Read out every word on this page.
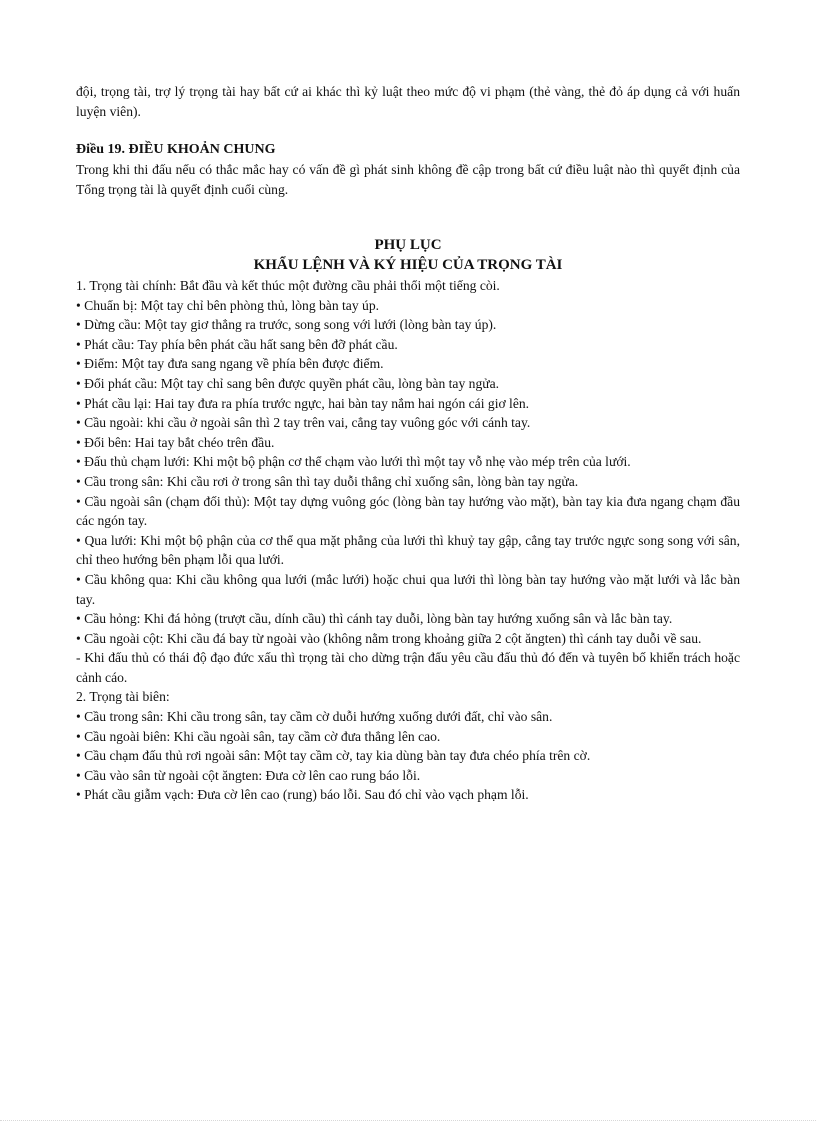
đội, trọng tài, trợ lý trọng tài hay bất cứ ai khác thì kỷ luật theo mức độ vi phạm (thẻ vàng, thẻ đỏ áp dụng cả với huấn luyện viên).

Điều 19. ĐIỀU KHOẢN CHUNG

Trong khi thi đấu nếu có thắc mắc hay có vấn đề gì phát sinh không đề cập trong bất cứ điều luật nào thì quyết định của Tổng trọng tài là quyết định cuối cùng.

PHỤ LỤC
KHẨU LỆNH VÀ KÝ HIỆU CỦA TRỌNG TÀI

1. Trọng tài chính: Bắt đầu và kết thúc một đường cầu phải thổi một tiếng còi.

• Chuẩn bị: Một tay chỉ bên phòng thủ, lòng bàn tay úp.

• Dừng cầu: Một tay giơ thẳng ra trước, song song với lưới (lòng bàn tay úp).

• Phát cầu: Tay phía bên phát cầu hất sang bên đỡ phát cầu.

• Điểm: Một tay đưa sang ngang về phía bên được điểm.

• Đổi phát cầu: Một tay chỉ sang bên được quyền phát cầu, lòng bàn tay ngửa.

• Phát cầu lại: Hai tay đưa ra phía trước ngực, hai bàn tay nắm hai ngón cái giơ lên.

• Cầu ngoài: khi cầu ở ngoài sân thì 2 tay trên vai, cẳng tay vuông góc với cánh tay.

• Đổi bên: Hai tay bắt chéo trên đầu.

• Đấu thủ chạm lưới: Khi một bộ phận cơ thể chạm vào lưới thì một tay vỗ nhẹ vào mép trên của lưới.

• Cầu trong sân: Khi cầu rơi ở trong sân thì tay duỗi thẳng chỉ xuống sân, lòng bàn tay ngửa.

• Cầu ngoài sân (chạm đối thủ): Một tay dựng vuông góc (lòng bàn tay hướng vào mặt), bàn tay kia đưa ngang chạm đầu các ngón tay.

• Qua lưới: Khi một bộ phận của cơ thể qua mặt phẳng của lưới thì khuỷ tay gập, cẳng tay trước ngực song song với sân, chỉ theo hướng bên phạm lỗi qua lưới.

• Cầu không qua: Khi cầu không qua lưới (mắc lưới) hoặc chui qua lưới thì lòng bàn tay hướng vào mặt lưới và lắc bàn tay.

• Cầu hỏng: Khi đá hỏng (trượt cầu, dính cầu) thì cánh tay duỗi, lòng bàn tay hướng xuống sân và lắc bàn tay.

• Cầu ngoài cột: Khi cầu đá bay từ ngoài vào (không nằm trong khoảng giữa 2 cột ăngten) thì cánh tay duỗi về sau.

- Khi đấu thủ có thái độ đạo đức xấu thì trọng tài cho dừng trận đấu yêu cầu đấu thủ đó đến và tuyên bố khiển trách hoặc cảnh cáo.

2. Trọng tài biên:

• Cầu trong sân: Khi cầu trong sân, tay cầm cờ duỗi hướng xuống dưới đất, chỉ vào sân.

• Cầu ngoài biên: Khi cầu ngoài sân, tay cầm cờ đưa thẳng lên cao.

• Cầu chạm đấu thủ rơi ngoài sân: Một tay cầm cờ, tay kia dùng bàn tay đưa chéo phía trên cờ.

• Cầu vào sân từ ngoài cột ăngten: Đưa cờ lên cao rung báo lỗi.

• Phát cầu giẫm vạch: Đưa cờ lên cao (rung) báo lỗi. Sau đó chỉ vào vạch phạm lỗi.
